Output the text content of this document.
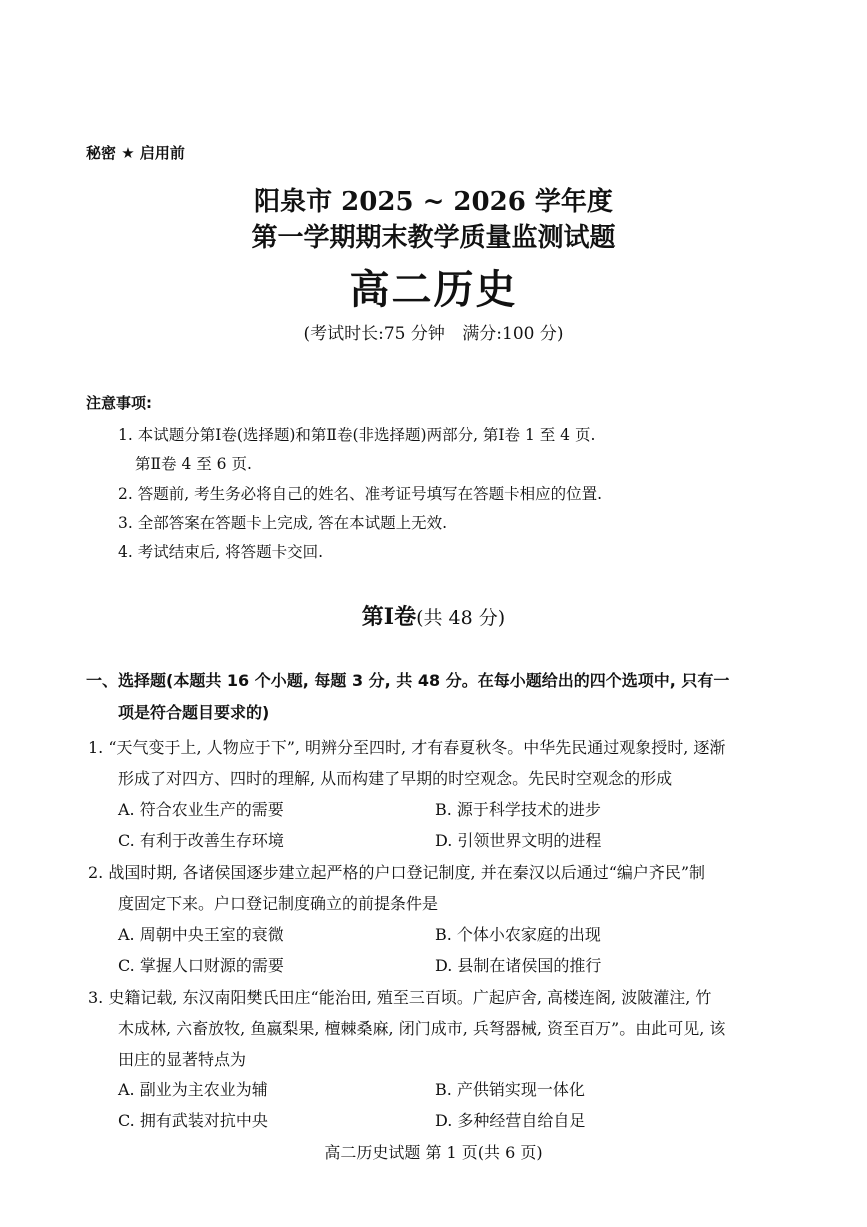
秘密 ★ 启用前
阳泉市 2025 ~ 2026 学年度
第一学期期末教学质量监测试题
高二历史
(考试时长:75 分钟 满分:100 分)
注意事项:
1. 本试题分第Ⅰ卷(选择题)和第Ⅱ卷(非选择题)两部分, 第Ⅰ卷 1 至 4 页.
第Ⅱ卷 4 至 6 页.
2. 答题前, 考生务必将自己的姓名、准考证号填写在答题卡相应的位置.
3. 全部答案在答题卡上完成, 答在本试题上无效.
4. 考试结束后, 将答题卡交回.
第Ⅰ卷(共 48 分)
一、选择题(本题共 16 个小题, 每题 3 分, 共 48 分。在每小题给出的四个选项中, 只有一
项是符合题目要求的)
1. “天气变于上, 人物应于下”, 明辨分至四时, 才有春夏秋冬。中华先民通过观象授时, 逐渐
形成了对四方、四时的理解, 从而构建了早期的时空观念。先民时空观念的形成
A. 符合农业生产的需要	B. 源于科学技术的进步
C. 有利于改善生存环境	D. 引领世界文明的进程
2. 战国时期, 各诸侯国逐步建立起严格的户口登记制度, 并在秦汉以后通过“编户齐民”制
度固定下来。户口登记制度确立的前提条件是
A. 周朝中央王室的衰微	B. 个体小农家庭的出现
C. 掌握人口财源的需要	D. 县制在诸侯国的推行
3. 史籍记载, 东汉南阳樊氏田庄“能治田, 殖至三百顷。广起庐舍, 高楼连阁, 波陂灌注, 竹
木成林, 六畜放牧, 鱼嬴梨果, 檀棘桑麻, 闭门成市, 兵弩器械, 资至百万”。由此可见, 该
田庄的显著特点为
A. 副业为主农业为辅	B. 产供销实现一体化
C. 拥有武装对抗中央	D. 多种经营自给自足
高二历史试题 第 1 页(共 6 页)
